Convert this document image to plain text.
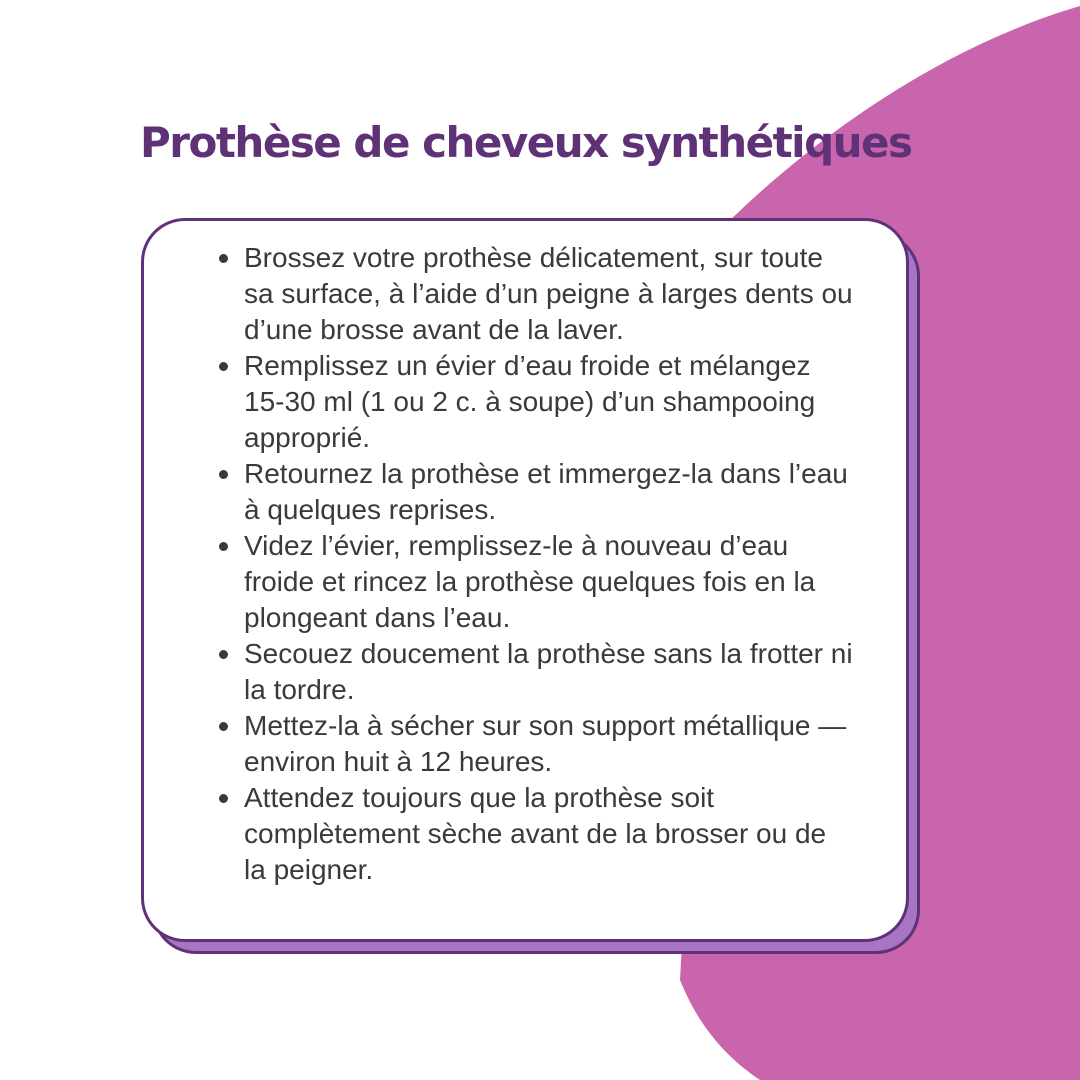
Prothèse de cheveux synthétiques
Brossez votre prothèse délicatement, sur toute sa surface, à l’aide d’un peigne à larges dents ou d’une brosse avant de la laver.
Remplissez un évier d’eau froide et mélangez 15-30 ml (1 ou 2 c. à soupe) d’un shampooing approprié.
Retournez la prothèse et immergez-la dans l’eau à quelques reprises.
Videz l’évier, remplissez-le à nouveau d’eau froide et rincez la prothèse quelques fois en la plongeant dans l’eau.
Secouez doucement la prothèse sans la frotter ni la tordre.
Mettez-la à sécher sur son support métallique — environ huit à 12 heures.
Attendez toujours que la prothèse soit complètement sèche avant de la brosser ou de la peigner.
